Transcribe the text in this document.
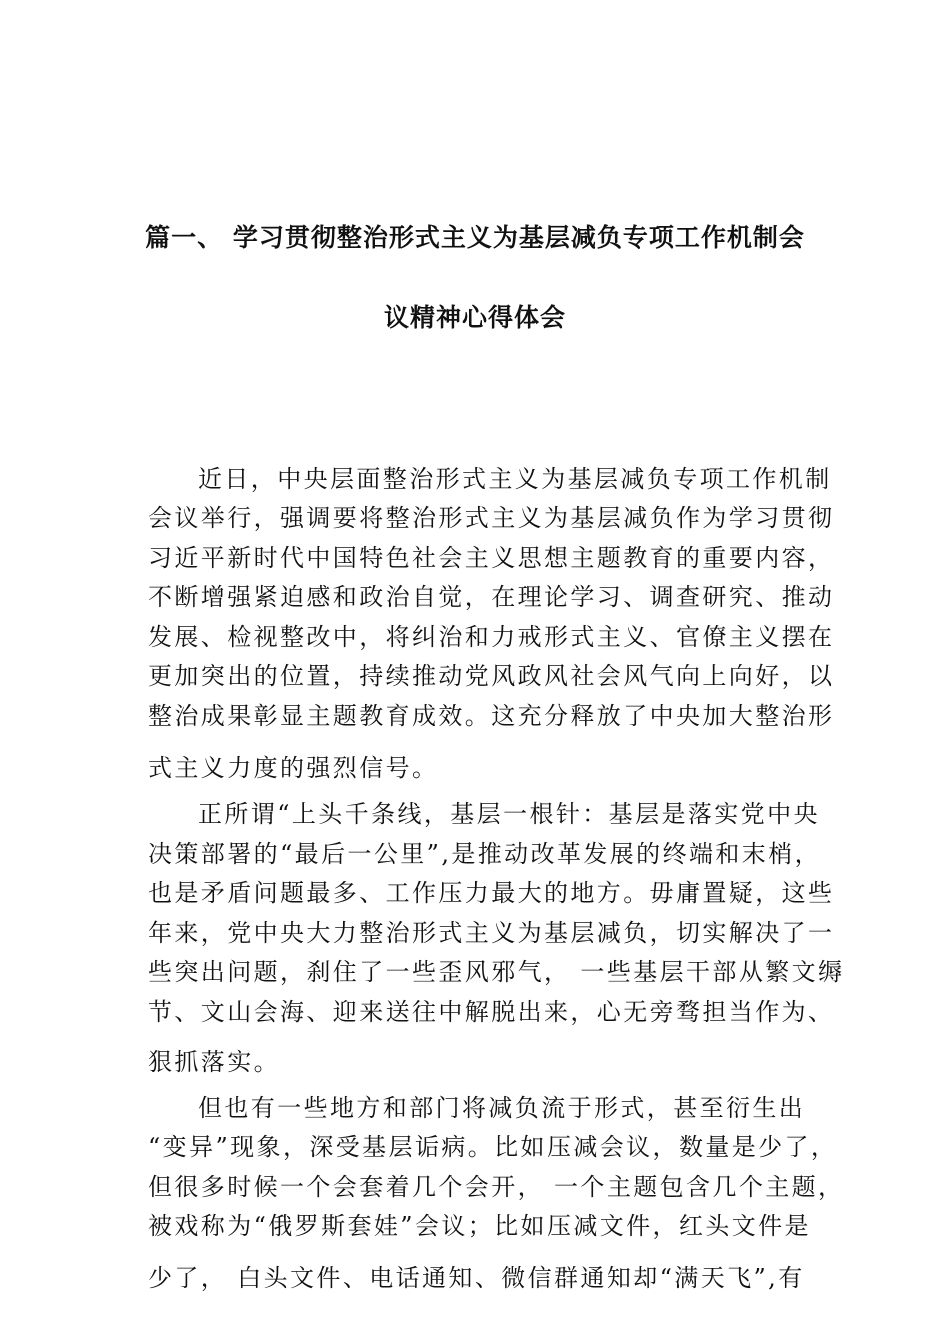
篇一、 学习贯彻整治形式主义为基层减负专项工作机制会
议精神心得体会
近日，中央层面整治形式主义为基层减负专项工作机制
会议举行，强调要将整治形式主义为基层减负作为学习贯彻
习近平新时代中国特色社会主义思想主题教育的重要内容，
不断增强紧迫感和政治自觉，在理论学习、调查研究、推动
发展、检视整改中，将纠治和力戒形式主义、官僚主义摆在
更加突出的位置，持续推动党风政风社会风气向上向好，以
整治成果彰显主题教育成效。这充分释放了中央加大整治形
式主义力度的强烈信号。
正所谓“上头千条线，基层一根针：基层是落实党中央
决策部署的“最后一公里”,是推动改革发展的终端和末梢，
也是矛盾问题最多、工作压力最大的地方。毋庸置疑，这些
年来，党中央大力整治形式主义为基层减负，切实解决了一
些突出问题，刹住了一些歪风邪气， 一些基层干部从繁文缛
节、文山会海、迎来送往中解脱出来，心无旁骛担当作为、
狠抓落实。
但也有一些地方和部门将减负流于形式，甚至衍生出
“变异”现象，深受基层诟病。比如压减会议，数量是少了，
但很多时候一个会套着几个会开， 一个主题包含几个主题，
被戏称为“俄罗斯套娃”会议；比如压减文件，红头文件是
少了， 白头文件、电话通知、微信群通知却“满天飞”,有
